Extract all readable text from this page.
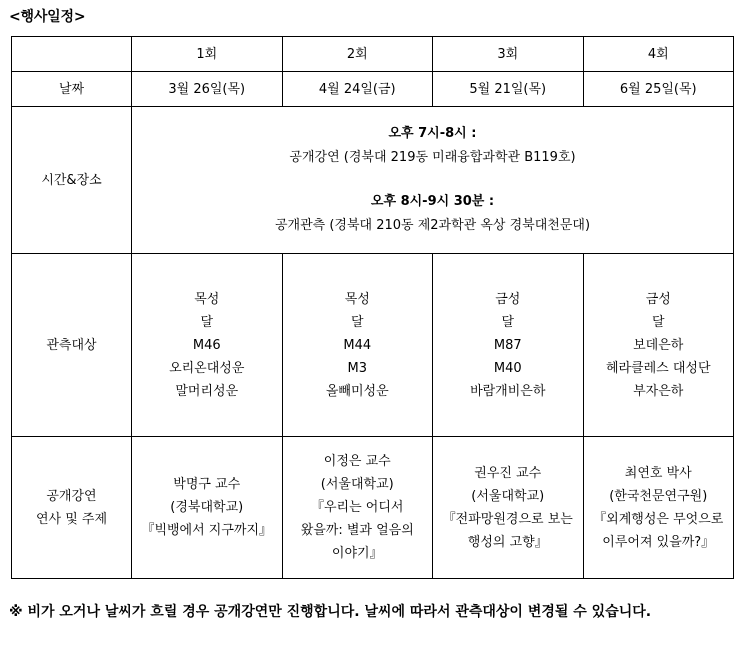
<행사일정>
	1회	2회	3회	4회
날짜	3월 26일(목)	4월 24일(금)	5월 21일(목)	6월 25일(목)
시간&장소	오후 7시-8시 :
공개강연 (경북대 219동 미래융합과학관 B119호)
오후 8시-9시 30분 :
공개관측 (경북대 210동 제2과학관 옥상 경북대천문대)			

관측대상	목성
달
M46
오리온대성운
말머리성운	목성
달
M44
M3
올빼미성운	금성
달
M87
M40
바람개비은하	금성
달
보데은하
헤라클레스 대성단
부자은하

공개강연
연사 및 주제	박명구 교수
(경북대학교)
『빅뱅에서 지구까지』	이정은 교수
(서울대학교)
『우리는 어디서
왔을까: 별과 얼음의
이야기』	권우진 교수
(서울대학교)
『전파망원경으로 보는
행성의 고향』	최연호 박사
(한국천문연구원)
『외계행성은 무엇으로
이루어져 있을까?』
※ 비가 오거나 날씨가 흐릴 경우 공개강연만 진행합니다. 날씨에 따라서 관측대상이 변경될 수 있습니다.
